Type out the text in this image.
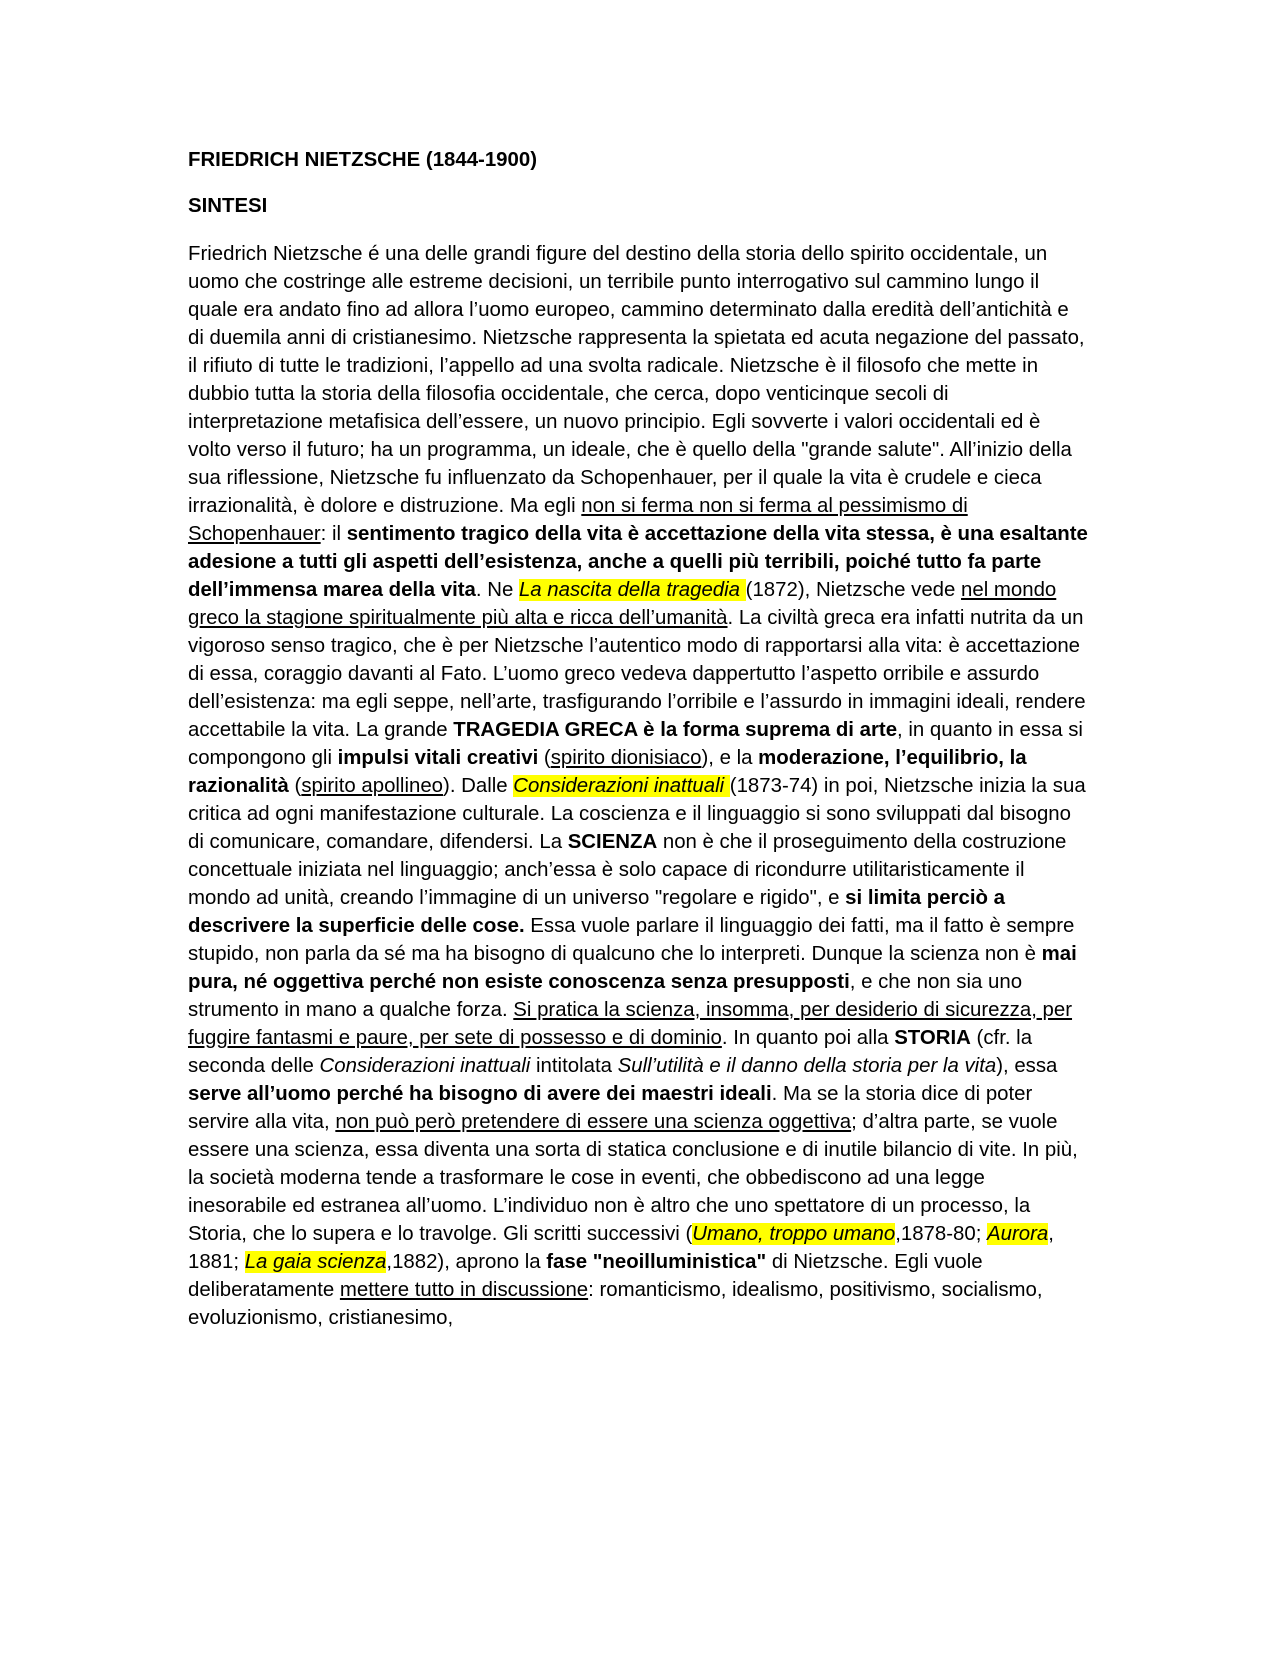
FRIEDRICH NIETZSCHE (1844-1900)
SINTESI

Friedrich Nietzsche é una delle grandi figure del destino della storia dello spirito occidentale, un uomo che costringe alle estreme decisioni, un terribile punto interrogativo sul cammino lungo il quale era andato fino ad allora l’uomo europeo, cammino determinato dalla eredità dell’antichità e di duemila anni di cristianesimo. Nietzsche rappresenta la spietata ed acuta negazione del passato, il rifiuto di tutte le tradizioni, l’appello ad una svolta radicale. Nietzsche è il filosofo che mette in dubbio tutta la storia della filosofia occidentale, che cerca, dopo venticinque secoli di interpretazione metafisica dell’essere, un nuovo principio. Egli sovverte i valori occidentali ed è volto verso il futuro; ha un programma, un ideale, che è quello della "grande salute". All’inizio della sua riflessione, Nietzsche fu influenzato da Schopenhauer, per il quale la vita è crudele e cieca irrazionalità, è dolore e distruzione. Ma egli non si ferma non si ferma al pessimismo di Schopenhauer: il sentimento tragico della vita è accettazione della vita stessa, è una esaltante adesione a tutti gli aspetti dell’esistenza, anche a quelli più terribili, poiché tutto fa parte dell’immensa marea della vita. Ne La nascita della tragedia (1872), Nietzsche vede nel mondo greco la stagione spiritualmente più alta e ricca dell’umanità. La civiltà greca era infatti nutrita da un vigoroso senso tragico, che è per Nietzsche l’autentico modo di rapportarsi alla vita: è accettazione di essa, coraggio davanti al Fato. L’uomo greco vedeva dappertutto l’aspetto orribile e assurdo dell’esistenza: ma egli seppe, nell’arte, trasfigurando l’orribile e l’assurdo in immagini ideali, rendere accettabile la vita. La grande TRAGEDIA GRECA è la forma suprema di arte, in quanto in essa si compongono gli impulsi vitali creativi (spirito dionisiaco), e la moderazione, l’equilibrio, la razionalità (spirito apollineo). Dalle Considerazioni inattuali (1873-74) in poi, Nietzsche inizia la sua critica ad ogni manifestazione culturale. La coscienza e il linguaggio si sono sviluppati dal bisogno di comunicare, comandare, difendersi. La SCIENZA non è che il proseguimento della costruzione concettuale iniziata nel linguaggio; anch’essa è solo capace di ricondurre utilitaristicamente il mondo ad unità, creando l’immagine di un universo "regolare e rigido", e si limita perciò a descrivere la superficie delle cose. Essa vuole parlare il linguaggio dei fatti, ma il fatto è sempre stupido, non parla da sé ma ha bisogno di qualcuno che lo interpreti. Dunque la scienza non è mai pura, né oggettiva perché non esiste conoscenza senza presupposti, e che non sia uno strumento in mano a qualche forza. Si pratica la scienza, insomma, per desiderio di sicurezza, per fuggire fantasmi e paure, per sete di possesso e di dominio. In quanto poi alla STORIA (cfr. la seconda delle Considerazioni inattuali intitolata Sull’utilità e il danno della storia per la vita), essa serve all’uomo perché ha bisogno di avere dei maestri ideali. Ma se la storia dice di poter servire alla vita, non può però pretendere di essere una scienza oggettiva; d’altra parte, se vuole essere una scienza, essa diventa una sorta di statica conclusione e di inutile bilancio di vite. In più, la società moderna tende a trasformare le cose in eventi, che obbediscono ad una legge inesorabile ed estranea all’uomo. L’individuo non è altro che uno spettatore di un processo, la Storia, che lo supera e lo travolge. Gli scritti successivi (Umano, troppo umano,1878-80; Aurora, 1881; La gaia scienza,1882), aprono la fase "neoilluministica" di Nietzsche. Egli vuole deliberatamente mettere tutto in discussione: romanticismo, idealismo, positivismo, socialismo, evoluzionismo, cristianesimo,
